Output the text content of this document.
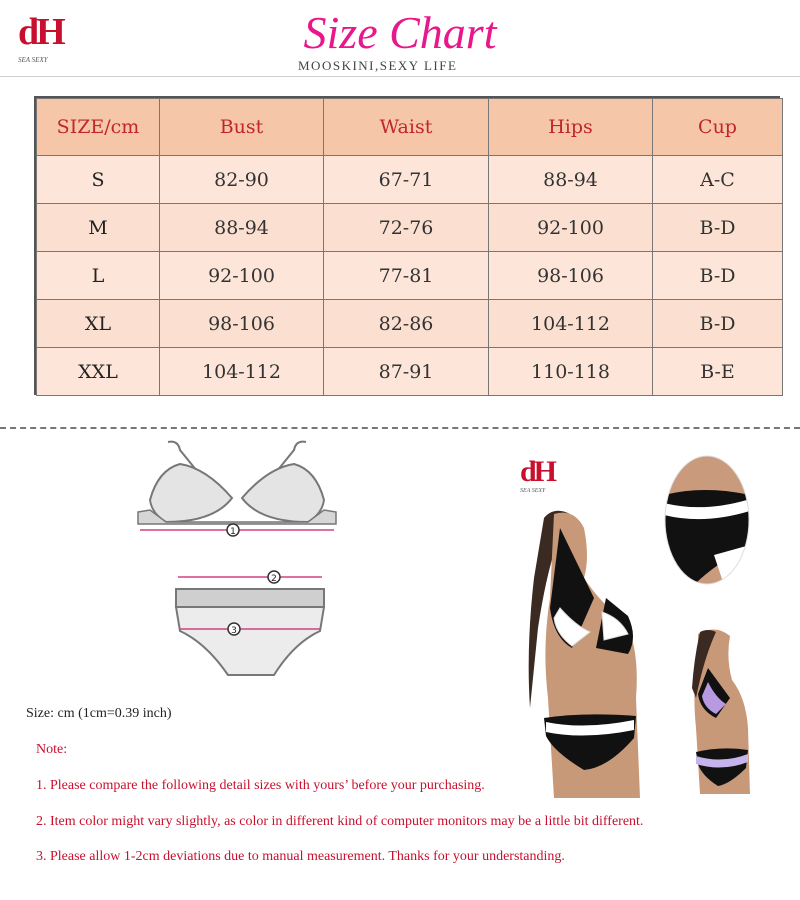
dH
SEA SEXY
Size Chart
MOOSKINI,SEXY LIFE
SIZE/cm	Bust	Waist	Hips	Cup
S	82-90	67-71	88-94	A-C
M	88-94	72-76	92-100	B-D
L	92-100	77-81	98-106	B-D
XL	98-106	82-86	104-112	B-D
XXL	104-112	87-91	110-118	B-E
1
2
3
dH
SEA SEXY
Size: cm (1cm=0.39 inch)
Note:
1. Please compare the following detail sizes with yours’ before your purchasing.
2. Item color might vary slightly, as color in different kind of computer monitors may be a little bit different.
3. Please allow 1-2cm deviations due to manual measurement. Thanks for your understanding.
